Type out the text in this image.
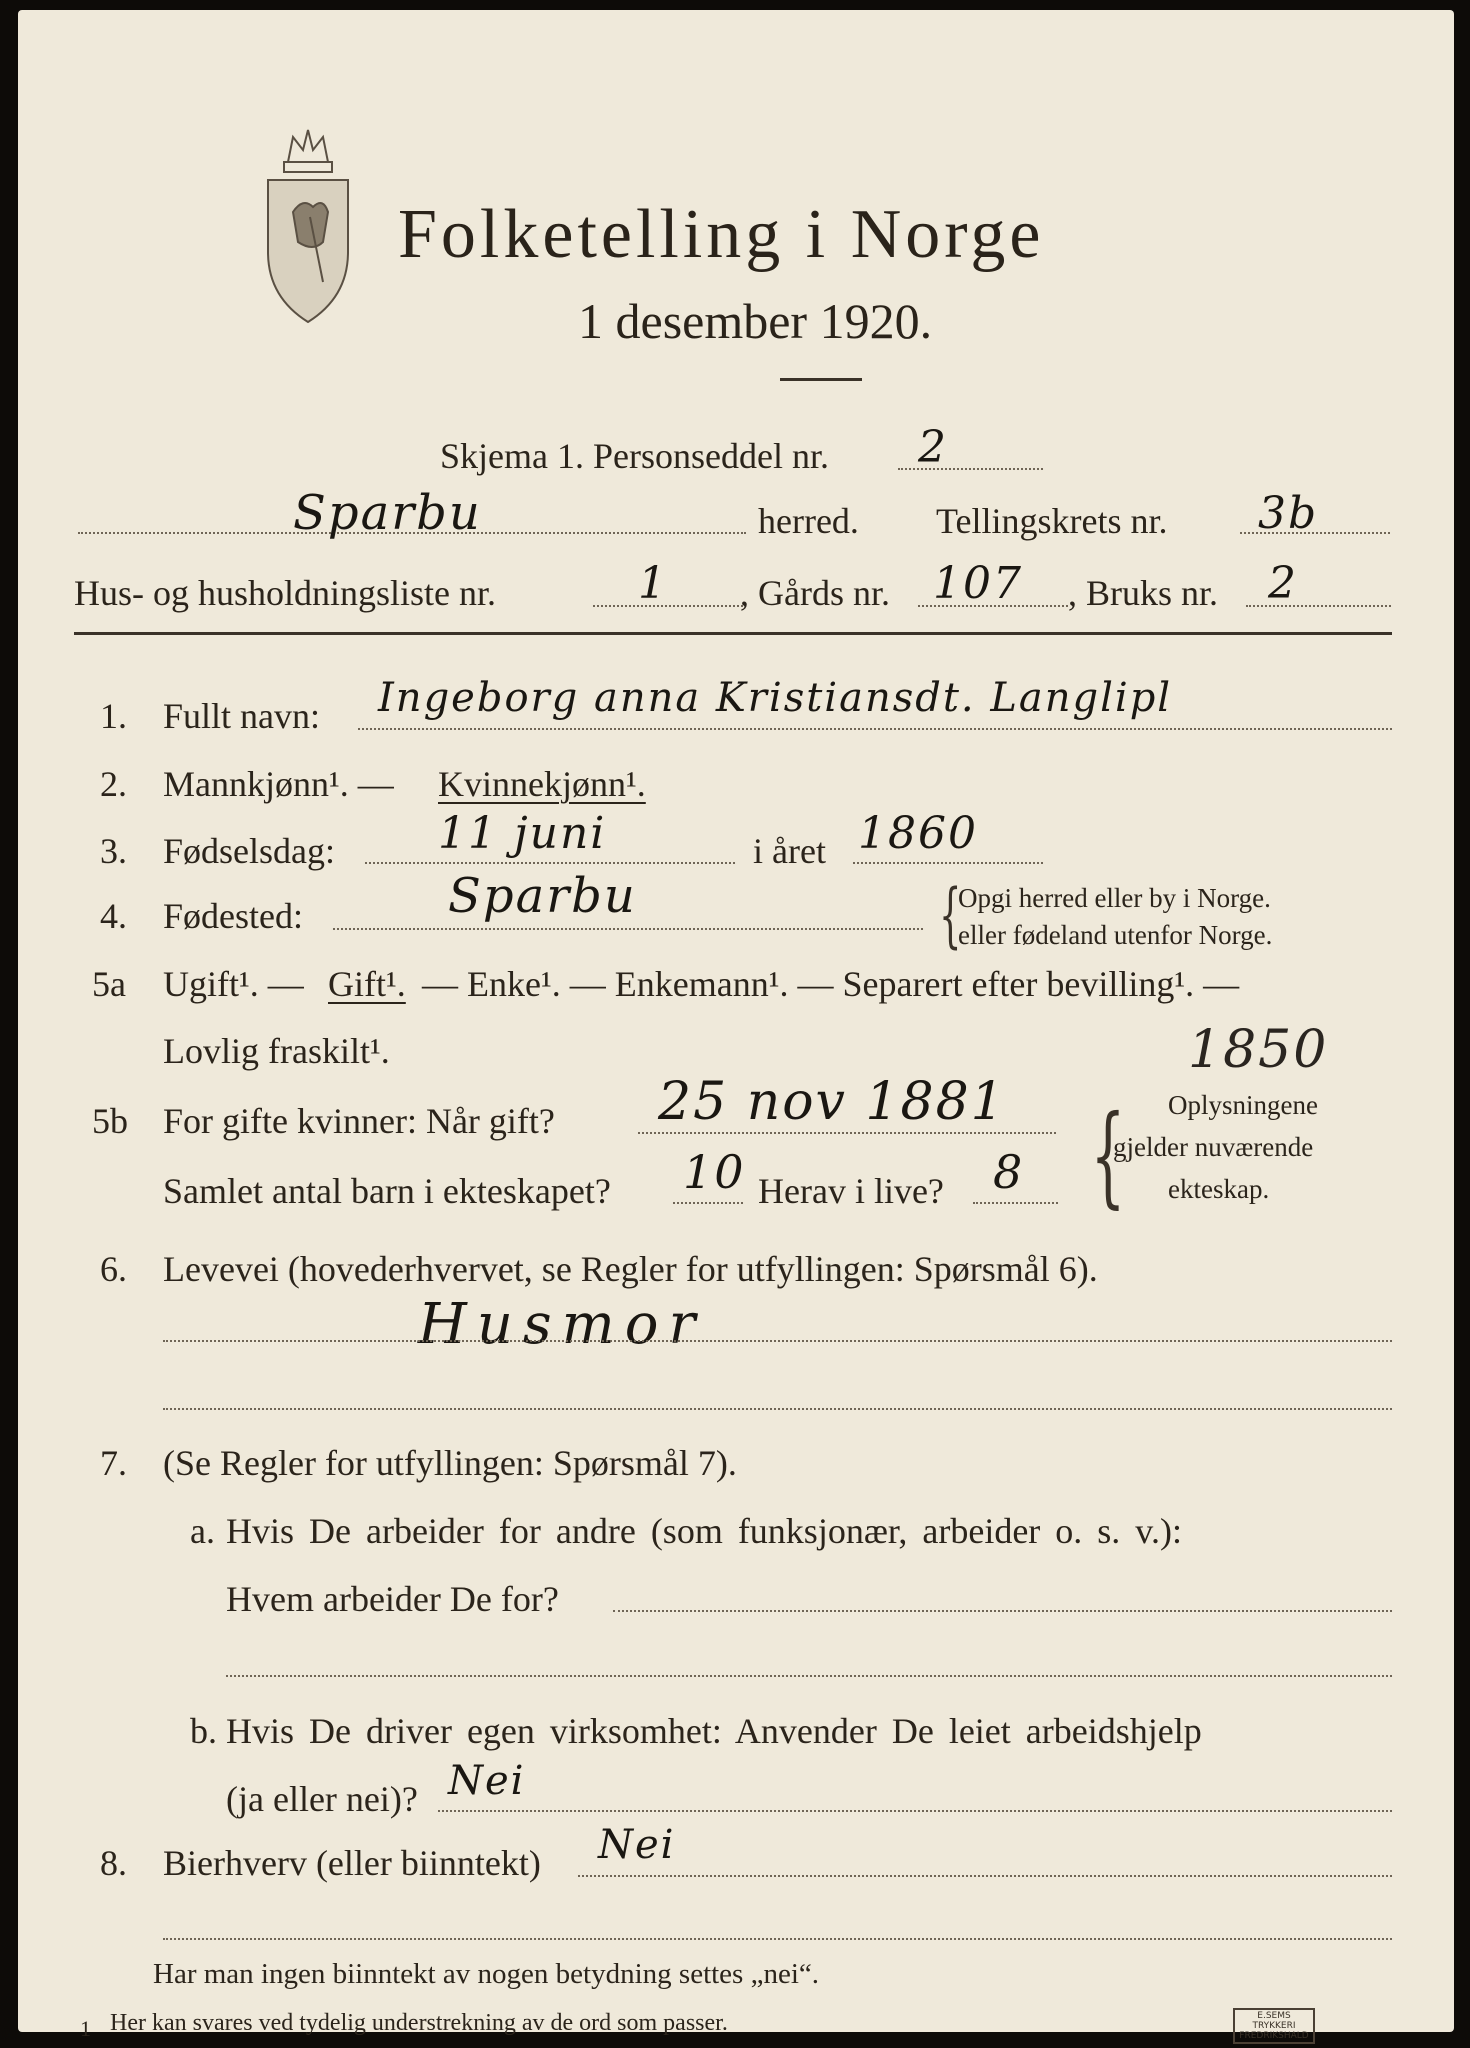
Folketelling i Norge
1 desember 1920.
Skjema 1. Personseddel nr. 2
Sparbu	herred. Tellingskrets nr. 3b
Hus- og husholdningsliste nr.	1 , Gårds nr. 107 , Bruks nr. 2
1. Fullt navn: Ingeborg anna Kristiansdt. Langlipl
2. Mannkjønn¹. — Kvinnekjønn¹.
3. Fødselsdag: 11 juni	i året 1860
4. Fødested:	Sparbu	{
Opgi herred eller by i Norge.
eller fødeland utenfor Norge.
5a Ugift¹. — Gift¹. — Enke¹. — Enkemann¹. — Separert efter bevilling¹. —
Lovlig fraskilt¹.	1850
5b For gifte kvinner: Når gift? 25 nov 1881
Samlet antal barn i ekteskapet? 10 Herav i live? 8 { Oplysningene
gjelder nuværende
ekteskap.
6. Levevei (hovederhvervet, se Regler for utfyllingen: Spørsmål 6).
Husmor
7. (Se Regler for utfyllingen: Spørsmål 7).
a. Hvis De arbeider for andre (som funksjonær, arbeider o. s. v.):
Hvem arbeider De for?
b. Hvis De driver egen virksomhet: Anvender De leiet arbeidshjelp
(ja eller nei)? Nei
8. Bierhverv (eller biinntekt) Nei
Har man ingen biinntekt av nogen betydning settes „nei“.
1 Her kan svares ved tydelig understrekning av de ord som passer.	E.SEMS TRYKKERI FREDRIKSHALD
